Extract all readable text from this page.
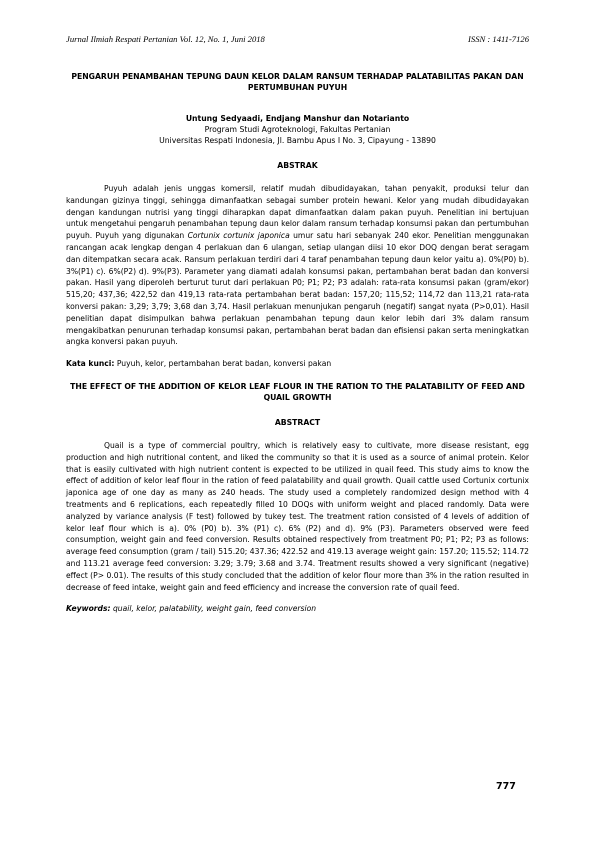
Jurnal Ilmiah Respati Pertanian Vol. 12, No. 1, Juni 2018	ISSN : 1411-7126

PENGARUH PENAMBAHAN TEPUNG DAUN KELOR DALAM RANSUM TERHADAP PALATABILITAS PAKAN DAN PERTUMBUHAN PUYUH

Untung Sedyaadi, Endjang Manshur dan Notarianto
Program Studi Agroteknologi, Fakultas Pertanian
Universitas Respati Indonesia, Jl. Bambu Apus I No. 3, Cipayung - 13890
ABSTRAK
Puyuh adalah jenis unggas komersil, relatif mudah dibudidayakan, tahan penyakit, produksi telur dan kandungan gizinya tinggi, sehingga dimanfaatkan sebagai sumber protein hewani. Kelor yang mudah dibudidayakan dengan kandungan nutrisi yang tinggi diharapkan dapat dimanfaatkan dalam pakan puyuh. Penelitian ini bertujuan untuk mengetahui pengaruh penambahan tepung daun kelor dalam ransum terhadap konsumsi pakan dan pertumbuhan puyuh. Puyuh yang digunakan Cortunix cortunix japonica umur satu hari sebanyak 240 ekor. Penelitian menggunakan rancangan acak lengkap dengan 4 perlakuan dan 6 ulangan, setiap ulangan diisi 10 ekor DOQ dengan berat seragam dan ditempatkan secara acak. Ransum perlakuan terdiri dari 4 taraf penambahan tepung daun kelor yaitu a). 0%(P0) b). 3%(P1) c). 6%(P2) d). 9%(P3). Parameter yang diamati adalah konsumsi pakan, pertambahan berat badan dan konversi pakan. Hasil yang diperoleh berturut turut dari perlakuan P0; P1; P2; P3 adalah: rata-rata konsumsi pakan (gram/ekor) 515,20; 437,36; 422,52 dan 419,13 rata-rata pertambahan berat badan: 157,20; 115,52; 114,72 dan 113,21 rata-rata konversi pakan: 3,29; 3,79; 3,68 dan 3,74. Hasil perlakuan menunjukan pengaruh (negatif) sangat nyata (P>0,01). Hasil penelitian dapat disimpulkan bahwa perlakuan penambahan tepung daun kelor lebih dari 3% dalam ransum mengakibatkan penurunan terhadap konsumsi pakan, pertambahan berat badan dan efisiensi pakan serta meningkatkan angka konversi pakan puyuh.
Kata kunci: Puyuh, kelor, pertambahan berat badan, konversi pakan

THE EFFECT OF THE ADDITION OF KELOR LEAF FLOUR IN THE RATION TO THE PALATABILITY OF FEED AND QUAIL GROWTH

ABSTRACT
Quail is a type of commercial poultry, which is relatively easy to cultivate, more disease resistant, egg production and high nutritional content, and liked the community so that it is used as a source of animal protein. Kelor that is easily cultivated with high nutrient content is expected to be utilized in quail feed. This study aims to know the effect of addition of kelor leaf flour in the ration of feed palatability and quail growth. Quail cattle used Cortunix cortunix japonica age of one day as many as 240 heads. The study used a completely randomized design method with 4 treatments and 6 replications, each repeatedly filled 10 DOQs with uniform weight and placed randomly. Data were analyzed by variance analysis (F test) followed by tukey test. The treatment ration consisted of 4 levels of addition of kelor leaf flour which is a). 0% (P0) b). 3% (P1) c). 6% (P2) and d). 9% (P3). Parameters observed were feed consumption, weight gain and feed conversion. Results obtained respectively from treatment P0; P1; P2; P3 as follows: average feed consumption (gram / tail) 515.20; 437.36; 422.52 and 419.13 average weight gain: 157.20; 115.52; 114.72 and 113.21 average feed conversion: 3.29; 3.79; 3.68 and 3.74. Treatment results showed a very significant (negative) effect (P> 0.01). The results of this study concluded that the addition of kelor flour more than 3% in the ration resulted in decrease of feed intake, weight gain and feed efficiency and increase the conversion rate of quail feed.
Keywords: quail, kelor, palatability, weight gain, feed conversion
777
